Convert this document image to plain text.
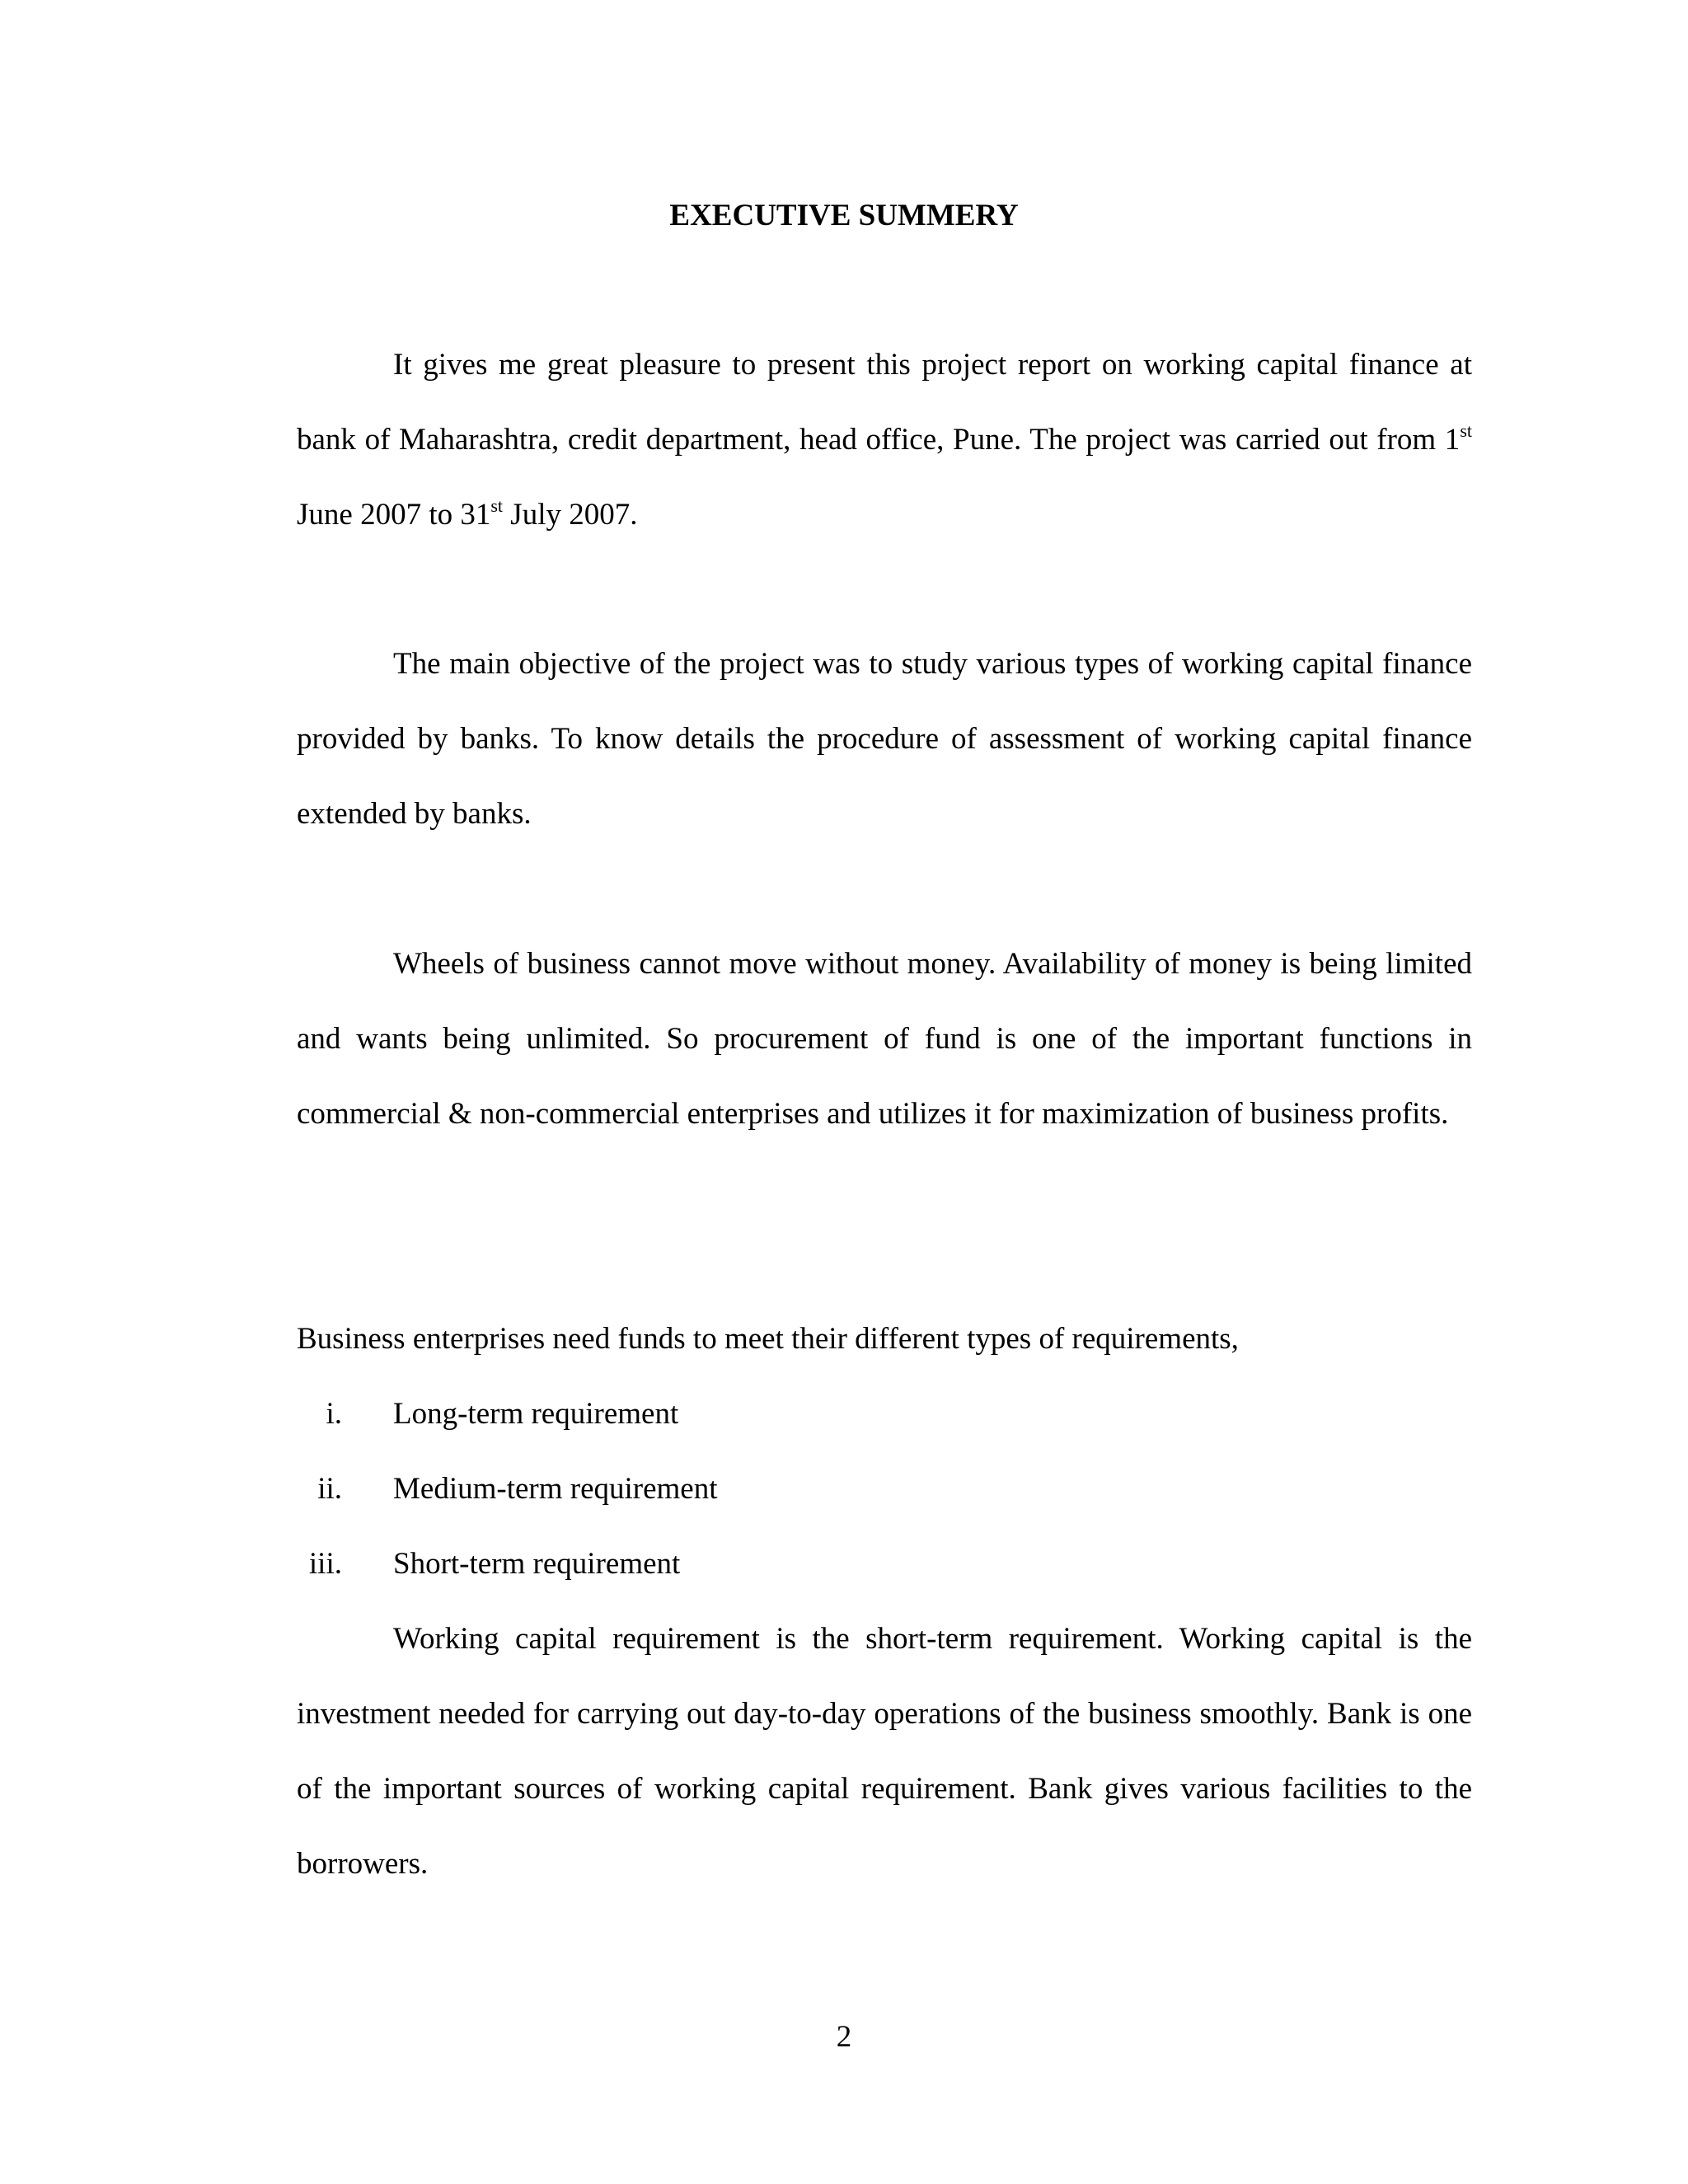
EXECUTIVE SUMMERY

It gives me great pleasure to present this project report on working capital finance at bank of Maharashtra, credit department, head office, Pune. The project was carried out from 1st June 2007 to 31st July 2007.

The main objective of the project was to study various types of working capital finance provided by banks. To know details the procedure of assessment of working capital finance extended by banks.

Wheels of business cannot move without money. Availability of money is being limited and wants being unlimited. So procurement of fund is one of the important functions in commercial & non-commercial enterprises and utilizes it for maximization of business profits.

Business enterprises need funds to meet their different types of requirements,

i. Long-term requirement
ii. Medium-term requirement
iii. Short-term requirement

Working capital requirement is the short-term requirement. Working capital is the investment needed for carrying out day-to-day operations of the business smoothly. Bank is one of the important sources of working capital requirement. Bank gives various facilities to the borrowers.

2
